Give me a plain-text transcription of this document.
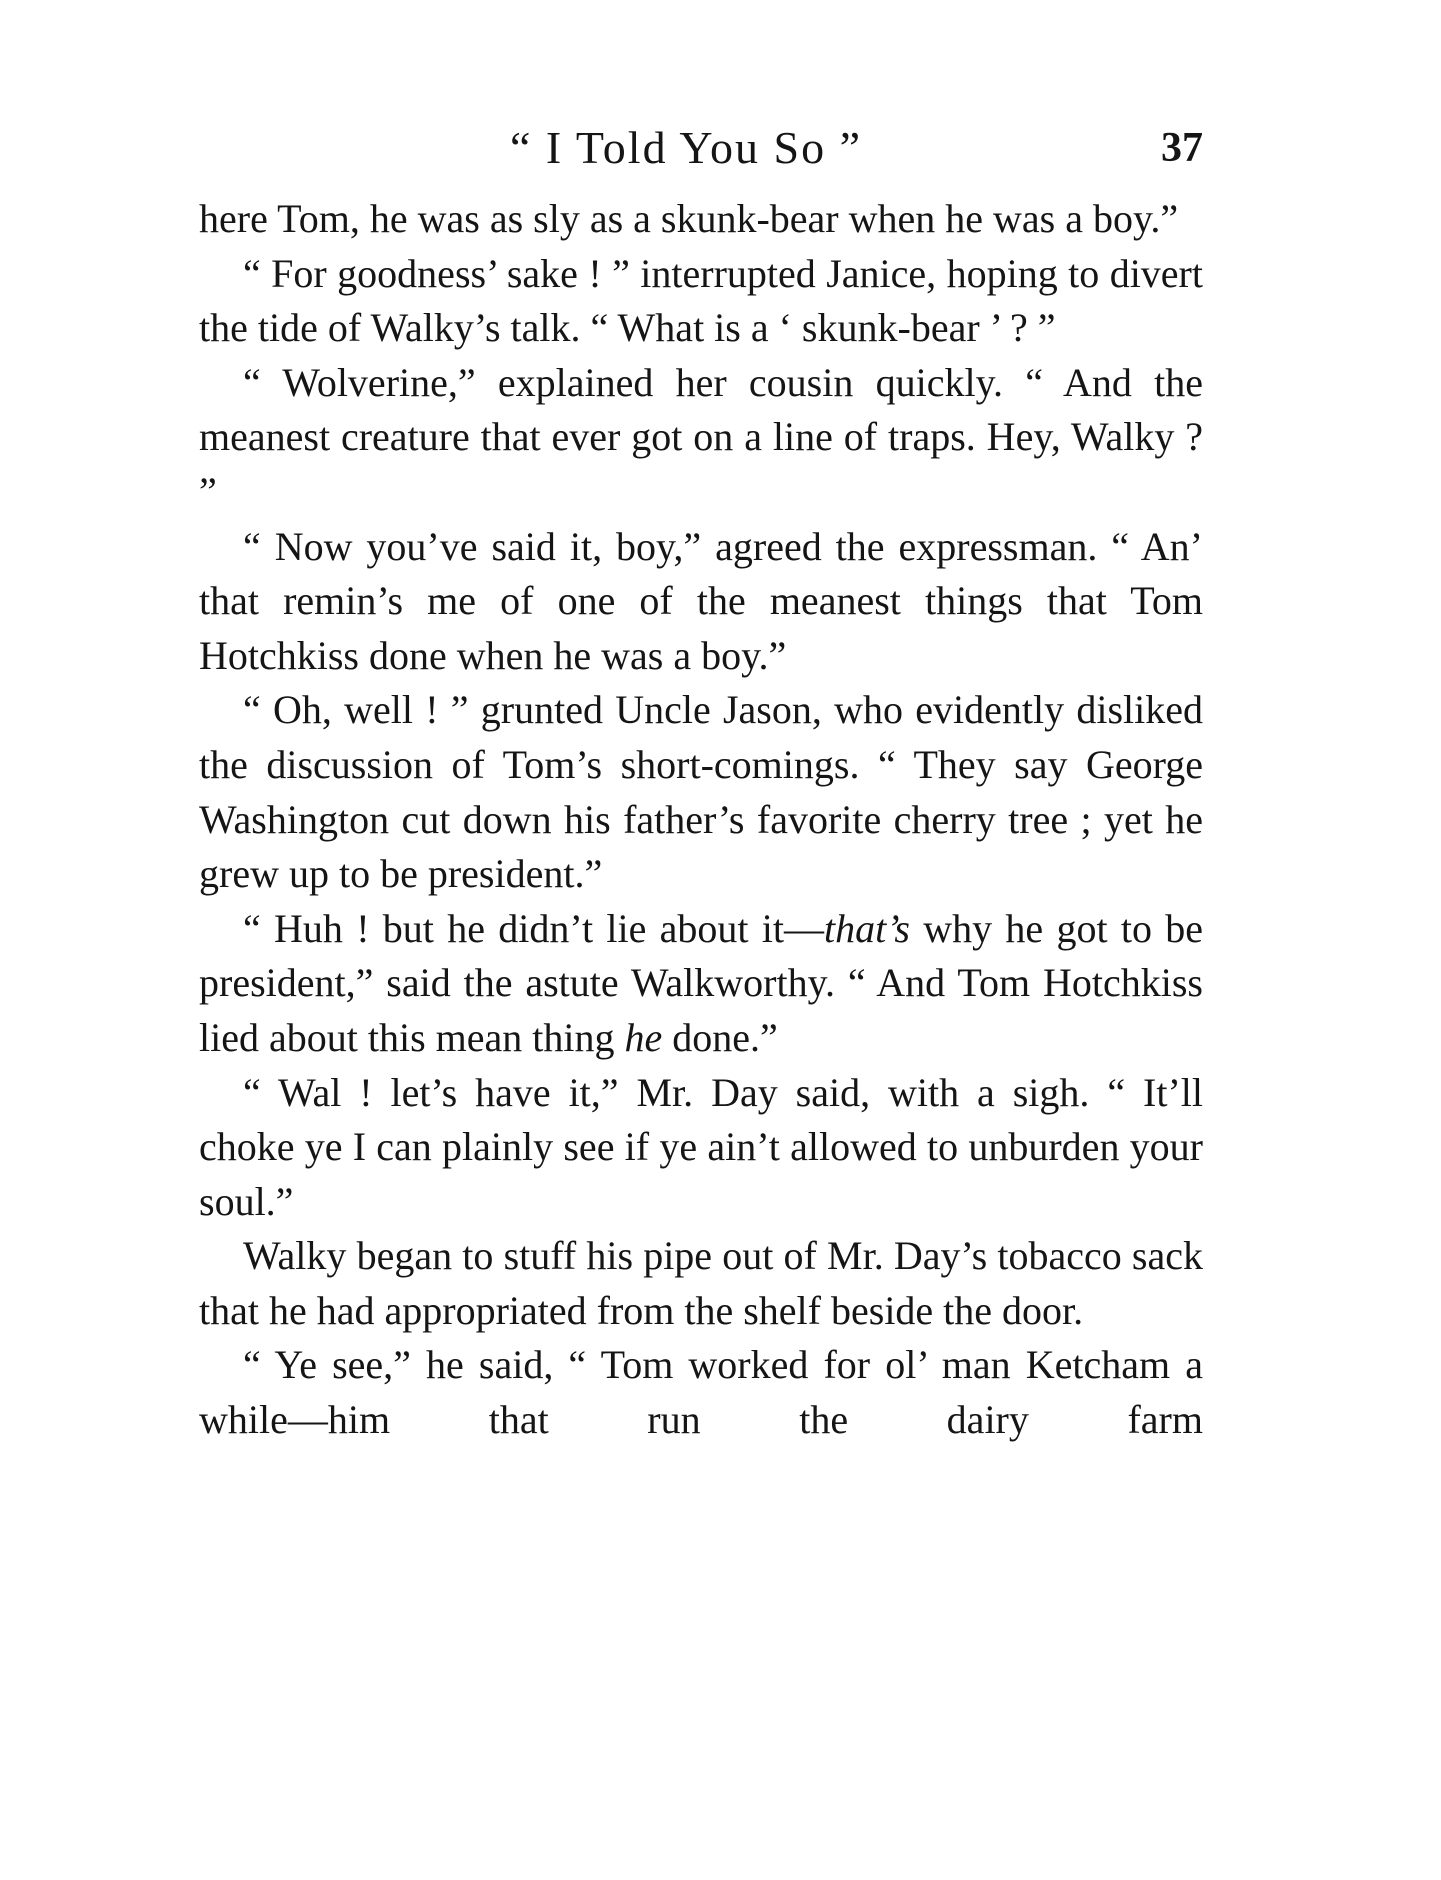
“ I Told You So ”	37

here Tom, he was as sly as a skunk-bear when he was a boy.”

“ For goodness’ sake ! ” interrupted Janice, hoping to divert the tide of Walky’s talk. “ What is a ‘ skunk-bear ’ ? ”

“ Wolverine,” explained her cousin quickly. “ And the meanest creature that ever got on a line of traps. Hey, Walky ? ”

“ Now you’ve said it, boy,” agreed the expressman. “ An’ that remin’s me of one of the meanest things that Tom Hotchkiss done when he was a boy.”

“ Oh, well ! ” grunted Uncle Jason, who evidently disliked the discussion of Tom’s short-comings. “ They say George Washington cut down his father’s favorite cherry tree ; yet he grew up to be president.”

“ Huh ! but he didn’t lie about it—that’s why he got to be president,” said the astute Walkworthy. “ And Tom Hotchkiss lied about this mean thing he done.”

“ Wal ! let’s have it,” Mr. Day said, with a sigh. “ It’ll choke ye I can plainly see if ye ain’t allowed to unburden your soul.”

Walky began to stuff his pipe out of Mr. Day’s tobacco sack that he had appropriated from the shelf beside the door.

“ Ye see,” he said, “ Tom worked for ol’ man Ketcham a while—him that run the dairy farm
